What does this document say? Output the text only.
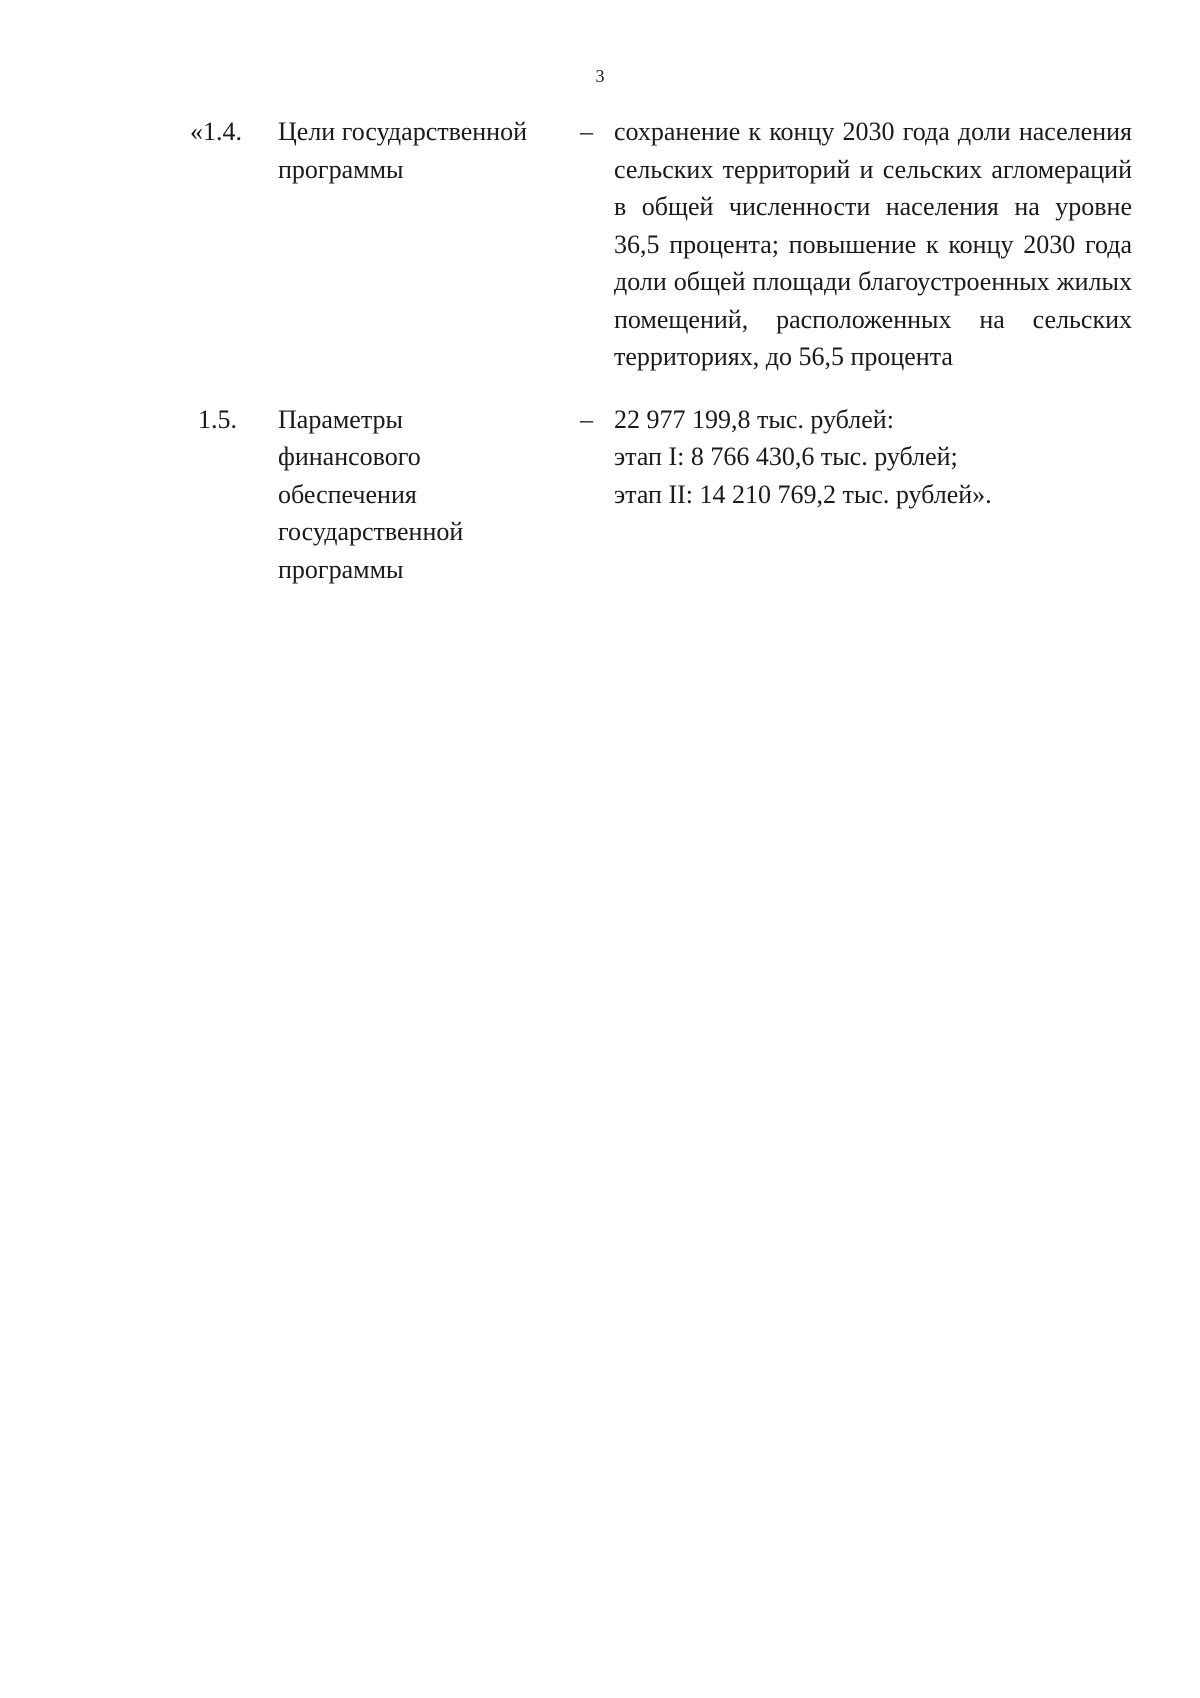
3
«1.4.	Цели государственной
программы
– сохранение к концу 2030 года доли населения сельских территорий и сельских агломераций в общей численности населения на уровне 36,5 процента; повышение к концу 2030 года доли общей площади благоустроенных жилых помещений, расположенных на сельских территориях, до 56,5 процента
1.5.	Параметры
финансового
обеспечения
государственной
программы
– 22 977 199,8 тыс. рублей:
этап I: 8 766 430,6 тыс. рублей;
этап II: 14 210 769,2 тыс. рублей».
